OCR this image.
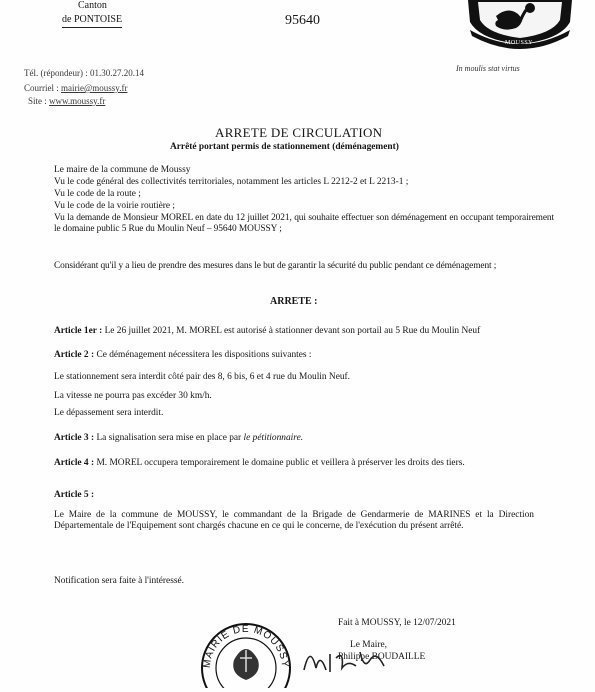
Canton
de PONTOISE	95640
Tél. (répondeur) : 01.30.27.20.14
Courriel : mairie@moussy.fr
Site : www.moussy.fr
MOUSSY
In moulis stat virtus
ARRETE DE CIRCULATION
Arrêté portant permis de stationnement (déménagement)
Le maire de la commune de Moussy
Vu le code général des collectivités territoriales, notamment les articles L 2212-2 et L 2213-1 ;
Vu le code de la route ;
Vu le code de la voirie routière ;
Vu la demande de Monsieur MOREL en date du 12 juillet 2021, qui souhaite effectuer son déménagement en occupant temporairement le domaine public 5 Rue du Moulin Neuf – 95640 MOUSSY ;
Considérant qu'il y a lieu de prendre des mesures dans le but de garantir la sécurité du public pendant ce déménagement ;
ARRETE :
Article 1er : Le 26 juillet 2021, M. MOREL est autorisé à stationner devant son portail au 5 Rue du Moulin Neuf
Article 2 : Ce déménagement nécessitera les dispositions suivantes :
Le stationnement sera interdit côté pair des 8, 6 bis, 6 et 4 rue du Moulin Neuf.
La vitesse ne pourra pas excéder 30 km/h.
Le dépassement sera interdit.
Article 3 : La signalisation sera mise en place par le pétitionnaire.
Article 4 : M. MOREL occupera temporairement le domaine public et veillera à préserver les droits des tiers.
Article 5 :
Le Maire de la commune de MOUSSY, le commandant de la Brigade de Gendarmerie de MARINES et la Direction Départementale de l'Equipement sont chargés chacune en ce qui le concerne, de l'exécution du présent arrêté.
Notification sera faite à l'intéressé.
Fait à MOUSSY, le 12/07/2021
Le Maire,
Philippe BOUDAILLE
MAIRIE DE MOUSSY
